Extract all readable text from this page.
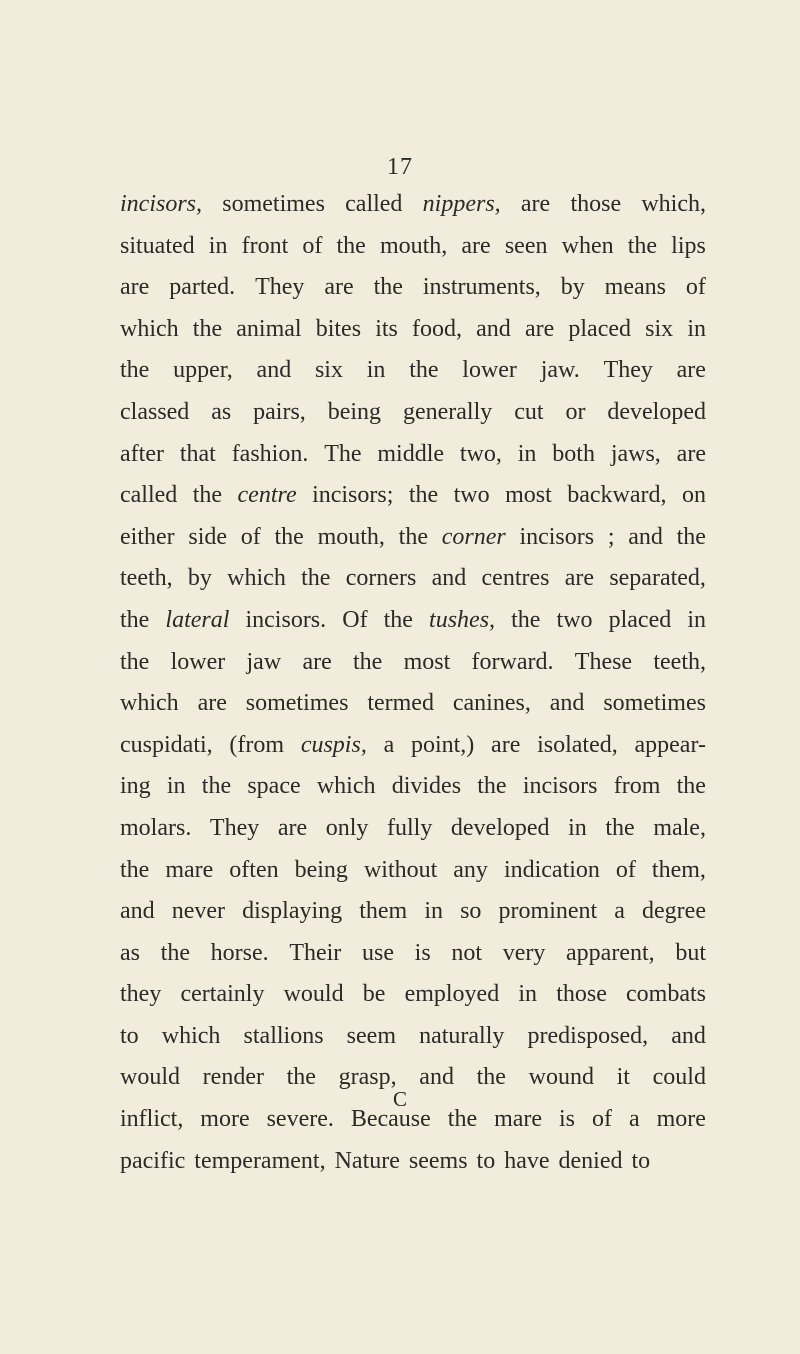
17
incisors, sometimes called nippers, are those which,
situated in front of the mouth, are seen when the lips
are parted. They are the instruments, by means of
which the animal bites its food, and are placed six in
the upper, and six in the lower jaw. They are
classed as pairs, being generally cut or developed
after that fashion. The middle two, in both jaws, are
called the centre incisors; the two most backward, on
either side of the mouth, the corner incisors ; and the
teeth, by which the corners and centres are separated,
the lateral incisors. Of the tushes, the two placed in
the lower jaw are the most forward. These teeth,
which are sometimes termed canines, and sometimes
cuspidati, (from cuspis, a point,) are isolated, appear-
ing in the space which divides the incisors from the
molars. They are only fully developed in the male,
the mare often being without any indication of them,
and never displaying them in so prominent a degree
as the horse. Their use is not very apparent, but
they certainly would be employed in those combats
to which stallions seem naturally predisposed, and
would render the grasp, and the wound it could
inflict, more severe. Because the mare is of a more
pacific temperament, Nature seems to have denied to
C
